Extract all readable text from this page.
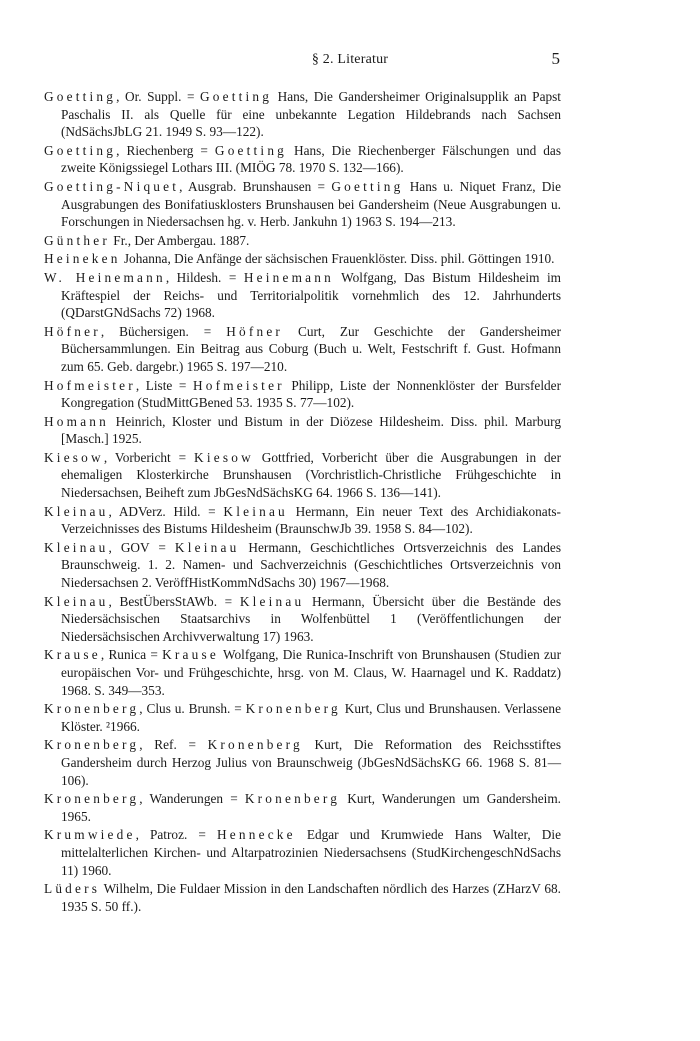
§ 2. Literatur	5

Goetting, Or. Suppl. = Goetting Hans, Die Gandersheimer Originalsupplik an Papst Paschalis II. als Quelle für eine unbekannte Legation Hildebrands nach Sachsen (NdSächsJbLG 21. 1949 S. 93—122).

Goetting, Riechenberg = Goetting Hans, Die Riechenberger Fälschungen und das zweite Königssiegel Lothars III. (MIÖG 78. 1970 S. 132—166).

Goetting-Niquet, Ausgrab. Brunshausen = Goetting Hans u. Niquet Franz, Die Ausgrabungen des Bonifatiusklosters Brunshausen bei Gandersheim (Neue Ausgrabungen u. Forschungen in Niedersachsen hg. v. Herb. Jankuhn 1) 1963 S. 194—213.

Günther Fr., Der Ambergau. 1887.

Heineken Johanna, Die Anfänge der sächsischen Frauenklöster. Diss. phil. Göttingen 1910.

W. Heinemann, Hildesh. = Heinemann Wolfgang, Das Bistum Hildesheim im Kräftespiel der Reichs- und Territorialpolitik vornehmlich des 12. Jahrhunderts (QDarstGNdSachs 72) 1968.

Höfner, Büchersigen. = Höfner Curt, Zur Geschichte der Gandersheimer Büchersammlungen. Ein Beitrag aus Coburg (Buch u. Welt, Festschrift f. Gust. Hofmann zum 65. Geb. dargebr.) 1965 S. 197—210.

Hofmeister, Liste = Hofmeister Philipp, Liste der Nonnenklöster der Bursfelder Kongregation (StudMittGBened 53. 1935 S. 77—102).

Homann Heinrich, Kloster und Bistum in der Diözese Hildesheim. Diss. phil. Marburg [Masch.] 1925.

Kiesow, Vorbericht = Kiesow Gottfried, Vorbericht über die Ausgrabungen in der ehemaligen Klosterkirche Brunshausen (Vorchristlich-Christliche Frühgeschichte in Niedersachsen, Beiheft zum JbGesNdSächsKG 64. 1966 S. 136—141).

Kleinau, ADVerz. Hild. = Kleinau Hermann, Ein neuer Text des Archidiakonats-Verzeichnisses des Bistums Hildesheim (BraunschwJb 39. 1958 S. 84—102).

Kleinau, GOV = Kleinau Hermann, Geschichtliches Ortsverzeichnis des Landes Braunschweig. 1. 2. Namen- und Sachverzeichnis (Geschichtliches Ortsverzeichnis von Niedersachsen 2. VeröffHistKommNdSachs 30) 1967—1968.

Kleinau, BestÜbersStAWb. = Kleinau Hermann, Übersicht über die Bestände des Niedersächsischen Staatsarchivs in Wolfenbüttel 1 (Veröffentlichungen der Niedersächsischen Archivverwaltung 17) 1963.

Krause, Runica = Krause Wolfgang, Die Runica-Inschrift von Brunshausen (Studien zur europäischen Vor- und Frühgeschichte, hrsg. von M. Claus, W. Haarnagel und K. Raddatz) 1968. S. 349—353.

Kronenberg, Clus u. Brunsh. = Kronenberg Kurt, Clus und Brunshausen. Verlassene Klöster. ²1966.

Kronenberg, Ref. = Kronenberg Kurt, Die Reformation des Reichsstiftes Gandersheim durch Herzog Julius von Braunschweig (JbGesNdSächsKG 66. 1968 S. 81—106).

Kronenberg, Wanderungen = Kronenberg Kurt, Wanderungen um Gandersheim. 1965.

Krumwiede, Patroz. = Hennecke Edgar und Krumwiede Hans Walter, Die mittelalterlichen Kirchen- und Altarpatrozinien Niedersachsens (StudKirchengeschNdSachs 11) 1960.

Lüders Wilhelm, Die Fuldaer Mission in den Landschaften nördlich des Harzes (ZHarzV 68. 1935 S. 50 ff.).
